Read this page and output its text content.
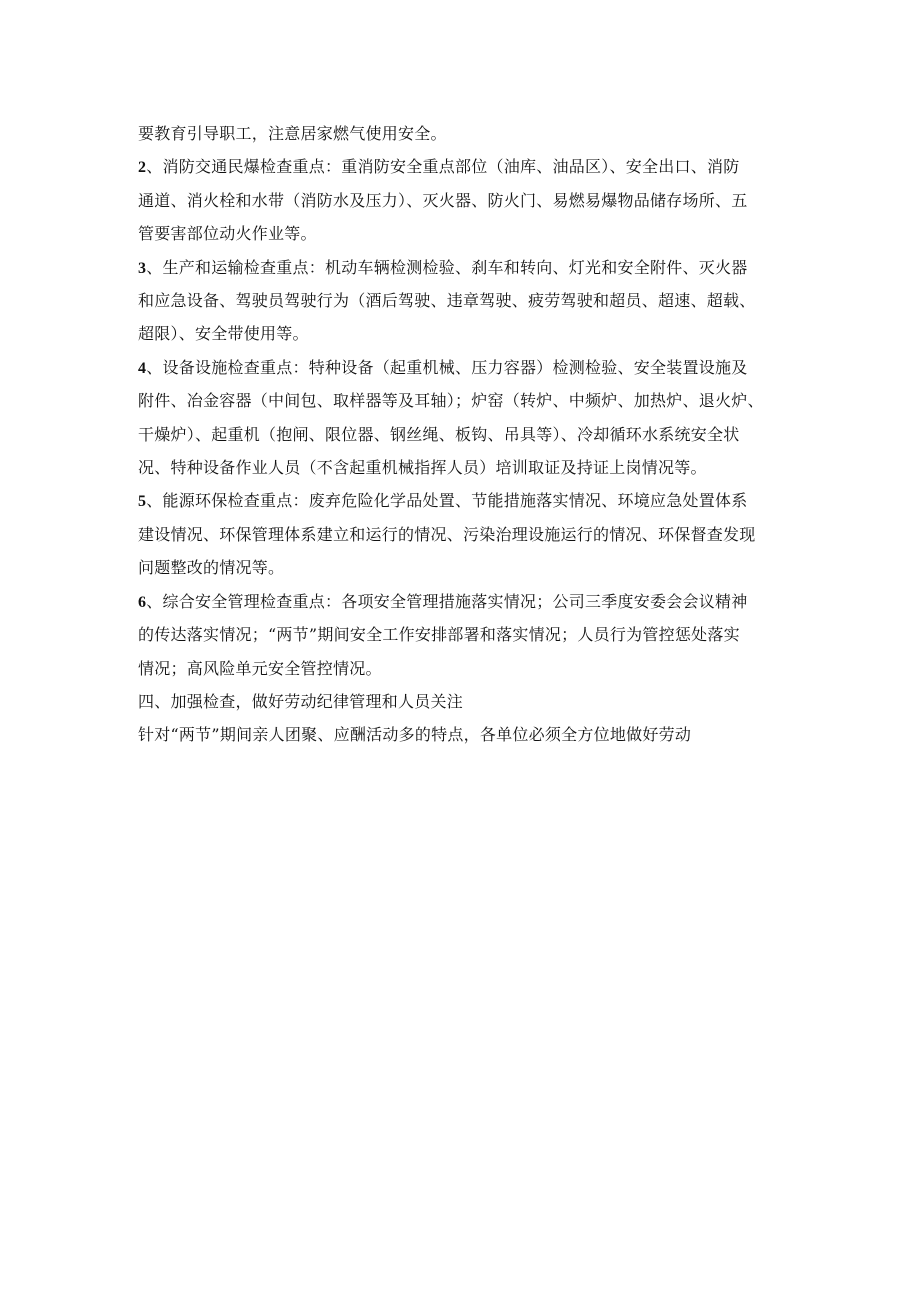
要教育引导职工，注意居家燃气使用安全。
2、消防交通民爆检查重点：重消防安全重点部位（油库、油品区）、安全出口、消防
通道、消火栓和水带（消防水及压力）、灭火器、防火门、易燃易爆物品储存场所、五
管要害部位动火作业等。
3、生产和运输检查重点：机动车辆检测检验、刹车和转向、灯光和安全附件、灭火器
和应急设备、驾驶员驾驶行为（酒后驾驶、违章驾驶、疲劳驾驶和超员、超速、超载、
超限）、安全带使用等。
4、设备设施检查重点：特种设备（起重机械、压力容器）检测检验、安全装置设施及
附件、冶金容器（中间包、取样器等及耳轴）；炉窑（转炉、中频炉、加热炉、退火炉、
干燥炉）、起重机（抱闸、限位器、钢丝绳、板钩、吊具等）、冷却循环水系统安全状
况、特种设备作业人员（不含起重机械指挥人员）培训取证及持证上岗情况等。
5、能源环保检查重点：废弃危险化学品处置、节能措施落实情况、环境应急处置体系
建设情况、环保管理体系建立和运行的情况、污染治理设施运行的情况、环保督查发现
问题整改的情况等。
6、综合安全管理检查重点：各项安全管理措施落实情况；公司三季度安委会会议精神
的传达落实情况；“两节”期间安全工作安排部署和落实情况；人员行为管控惩处落实
情况；高风险单元安全管控情况。
四、加强检查，做好劳动纪律管理和人员关注
针对“两节”期间亲人团聚、应酬活动多的特点，各单位必须全方位地做好劳动
